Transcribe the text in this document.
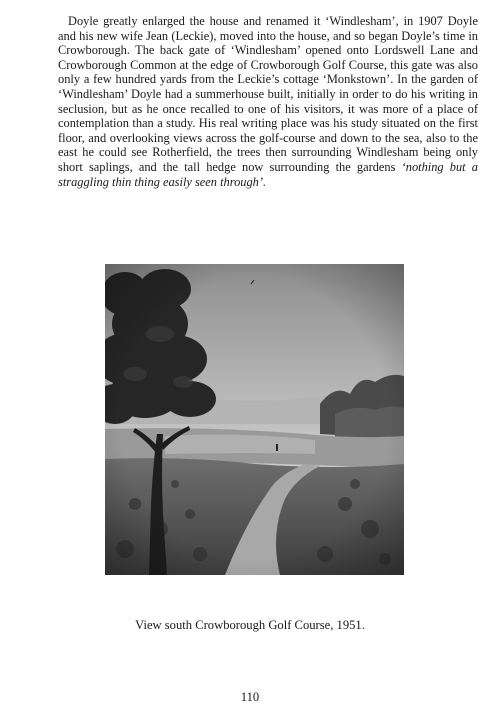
Doyle greatly enlarged the house and renamed it ‘Windlesham’, in 1907 Doyle and his new wife Jean (Leckie), moved into the house, and so began Doyle’s time in Crowborough. The back gate of ‘Windlesham’ opened onto Lordswell Lane and Crowborough Common at the edge of Crowborough Golf Course, this gate was also only a few hundred yards from the Leckie’s cottage ‘Monkstown’. In the garden of ‘Windlesham’ Doyle had a summerhouse built, initially in order to do his writing in seclusion, but as he once recalled to one of his visitors, it was more of a place of contemplation than a study. His real writing place was his study situated on the first floor, and overlooking views across the golf-course and down to the sea, also to the east he could see Rotherfield, the trees then surrounding Windlesham being only short saplings, and the tall hedge now surrounding the gardens ‘nothing but a straggling thin thing easily seen through’.

View south Crowborough Golf Course, 1951.

110
